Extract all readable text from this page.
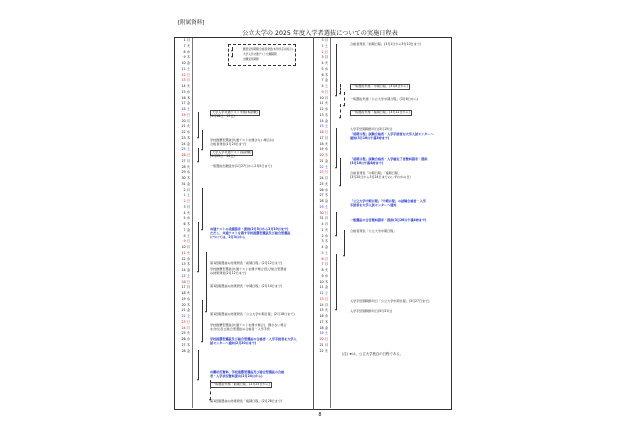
[附属資料]
公立大学の 2025 年度入学者選抜についての実施日程表
1 月
7 火
8 水
9 木
10 金
11 土
12 日
13 月
14 火
15 水
16 木
17 金
18 土
19 日
20 月
21 火
22 水
23 木
24 金
25 土
26 日
27 月
28 火
29 水
30 木
31 金
2 月
1 土
2 日
3 月
4 火
5 水
6 木
7 金
8 土
9 日
10 月
11 火
12 水
13 木
14 金
15 土
16 日
17 月
18 火
19 水
20 木
21 金
22 土
23 日
24 月
25 火
26 水
27 木
28 金
3 月
1 土
2 日
3 月
4 火
5 水
6 木
7 金
8 土
9 日
10 月
11 火
12 水
13 木
14 金
15 土
16 日
17 月
18 火
19 水
20 木
21 金
22 土
23 日
24 月
25 火
26 水
27 木
28 金
29 土
30 日
31 月
4 月
1 火
2 水
3 木
4 金
5 土
6 日
7 月
8 火
9 水
10 木
11 金
12 土
13 日
14 月
15 火
16 水
17 木
18 金
19 土
20 日
21 月
22 火
願書受付期間/合格者発表(本学所定の掲示)
大学入学共通テスト出願期間
出願受付期間
大学入学共通テスト実施(本試験)
(1月18日・19日)
学校推薦型選抜(共通テストを課さない場合)の
合格者発表(1月24日まで)
大学入学共通テスト(追試験)
(1月25日・26日)
一般選抜出願受付(1月27日から2月5日まで)
共通テストの成績請求・提供(2月5日から2月10日まで)
ただし、共通テストを課す学校推薦型選抜及び総合型選抜
については、2月3日から
第1段階選抜の結果発表「前期日程」(2月12日まで)
学校推薦型選抜(共通テストを課す場合)及び総合型選抜
の結果発表(2月12日まで)
第1段階選抜の結果発表「中期日程」(2月14日まで)
第1段階選抜の結果発表「公立大学中期日程」(2月18日まで)
学校推薦型選抜(共通テストを課す場合)、課さない場合
を含む)及び総合型選抜の合格者・入学手続
学校推薦型選抜及び総合型選抜の合格者・入学手続者を大学入
試センターへ通知(2月20日まで)
出願状況資料、学校推薦型選抜及び総合型選抜の合格
者・入学状況資料提出(2月24日から)
一般選抜実施「前期日程」(2月25日から)
第1段階選抜の結果発表「後期日程」(2月28日まで)
合格者発表「前期日程」(3月1日から3月10日まで)
一般選抜実施「中期日程」(3月8日から)
一般選抜実施「公立大学中期日程」(3月8日から)
一般選抜実施「後期日程」(3月12日から)
入学手続期間締切日(3月15日)
「前期日程」試験合格者・入学手続者を大学入試センターへ
通知(3月16日午後3時まで)
「前期日程」試験合格者・入学確定了者資料請求・提供
(3月16日午後4時まで)
合格者発表「中期日程」「後期日程」
(3月20日から3月24日までのいずれかの日)
「公立大学中期日程」「中期日程」の試験合格者・入学
手続者を大学入試センターへ通知
一般選抜の合否資料請求・提供(3月28日午後4時まで)
合格者発表「公立大学中期日程」
入学手続期間締切日「公立大学中期日程」(3月27日まで)
入学手続期間締切日(3月31日)
(注) ★は、公立大学独自の日程である。
8
